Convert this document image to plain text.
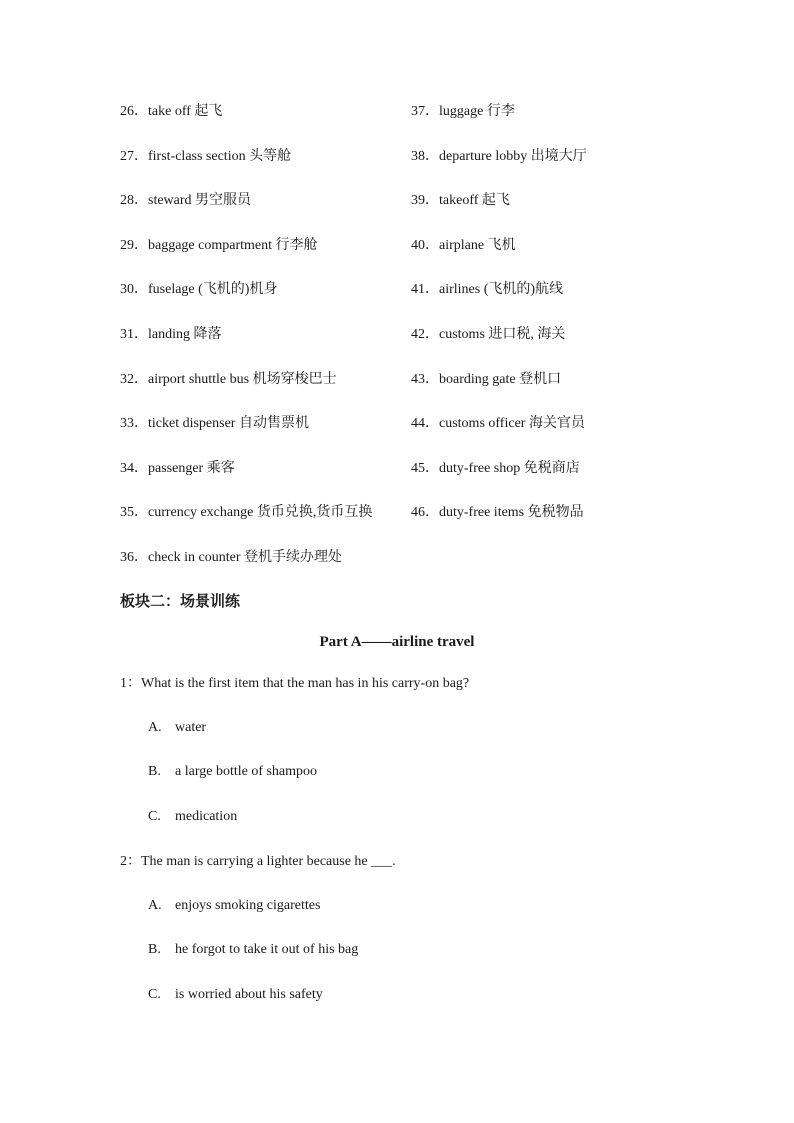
26．take off 起飞	37．luggage 行李
27．first-class section 头等舱	38．departure lobby 出境大厅
28．steward 男空服员	39．takeoff 起飞
29．baggage compartment 行李舱	40．airplane 飞机
30．fuselage (飞机的)机身	41．airlines (飞机的)航线
31．landing 降落	42．customs 进口税, 海关
32．airport shuttle bus 机场穿梭巴士	43．boarding gate 登机口
33．ticket dispenser 自动售票机	44．customs officer 海关官员
34．passenger 乘客	45．duty-free shop 免税商店
35．currency exchange 货币兑换,货币互换	46．duty-free items 免税物品
36．check in counter 登机手续办理处
板块二：场景训练
Part A——airline travel
1：What is the first item that the man has in his carry-on bag?
A. water
B. a large bottle of shampoo
C. medication
2：The man is carrying a lighter because he ___.
A. enjoys smoking cigarettes
B. he forgot to take it out of his bag
C. is worried about his safety
